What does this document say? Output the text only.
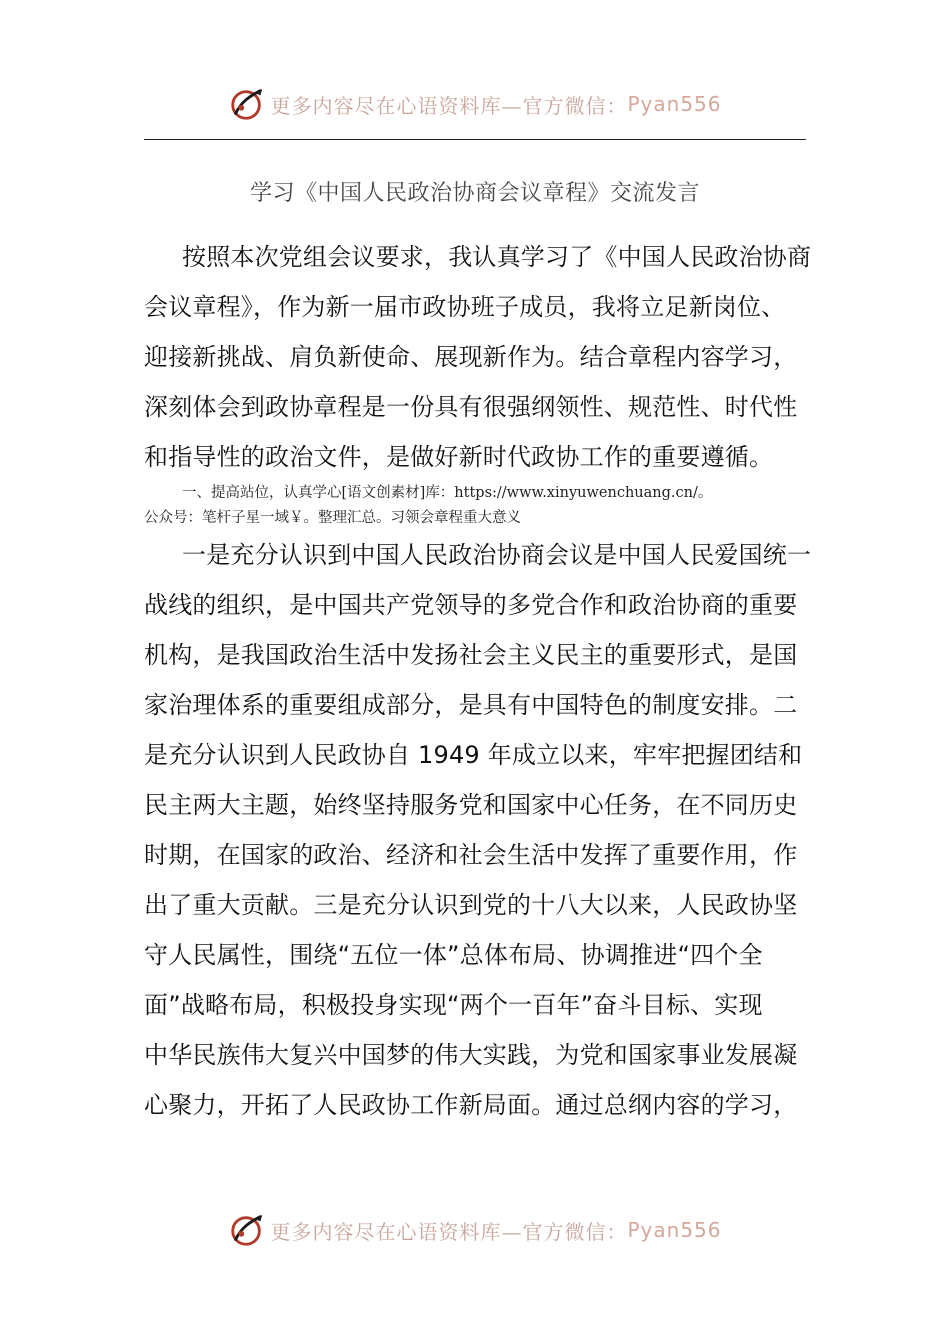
更多内容尽在心语资料库—官方微信： Pyan556
学习《中国人民政治协商会议章程》交流发言
按照本次党组会议要求，我认真学习了《中国人民政治协商
会议章程》，作为新一届市政协班子成员，我将立足新岗位、
迎接新挑战、肩负新使命、展现新作为。结合章程内容学习，
深刻体会到政协章程是一份具有很强纲领性、规范性、时代性
和指导性的政治文件，是做好新时代政协工作的重要遵循。
一、提高站位，认真学心[语文创素材]库：https://www.xinyuwenchuang.cn/。
公众号：笔杆子星一域￥。整理汇总。习领会章程重大意义
一是充分认识到中国人民政治协商会议是中国人民爱国统一
战线的组织，是中国共产党领导的多党合作和政治协商的重要
机构，是我国政治生活中发扬社会主义民主的重要形式，是国
家治理体系的重要组成部分，是具有中国特色的制度安排。二
是充分认识到人民政协自 1949 年成立以来，牢牢把握团结和
民主两大主题，始终坚持服务党和国家中心任务，在不同历史
时期，在国家的政治、经济和社会生活中发挥了重要作用，作
出了重大贡献。三是充分认识到党的十八大以来，人民政协坚
守人民属性，围绕“五位一体”总体布局、协调推进“四个全
面”战略布局，积极投身实现“两个一百年”奋斗目标、实现
中华民族伟大复兴中国梦的伟大实践，为党和国家事业发展凝
心聚力，开拓了人民政协工作新局面。通过总纲内容的学习，
更多内容尽在心语资料库—官方微信： Pyan556
